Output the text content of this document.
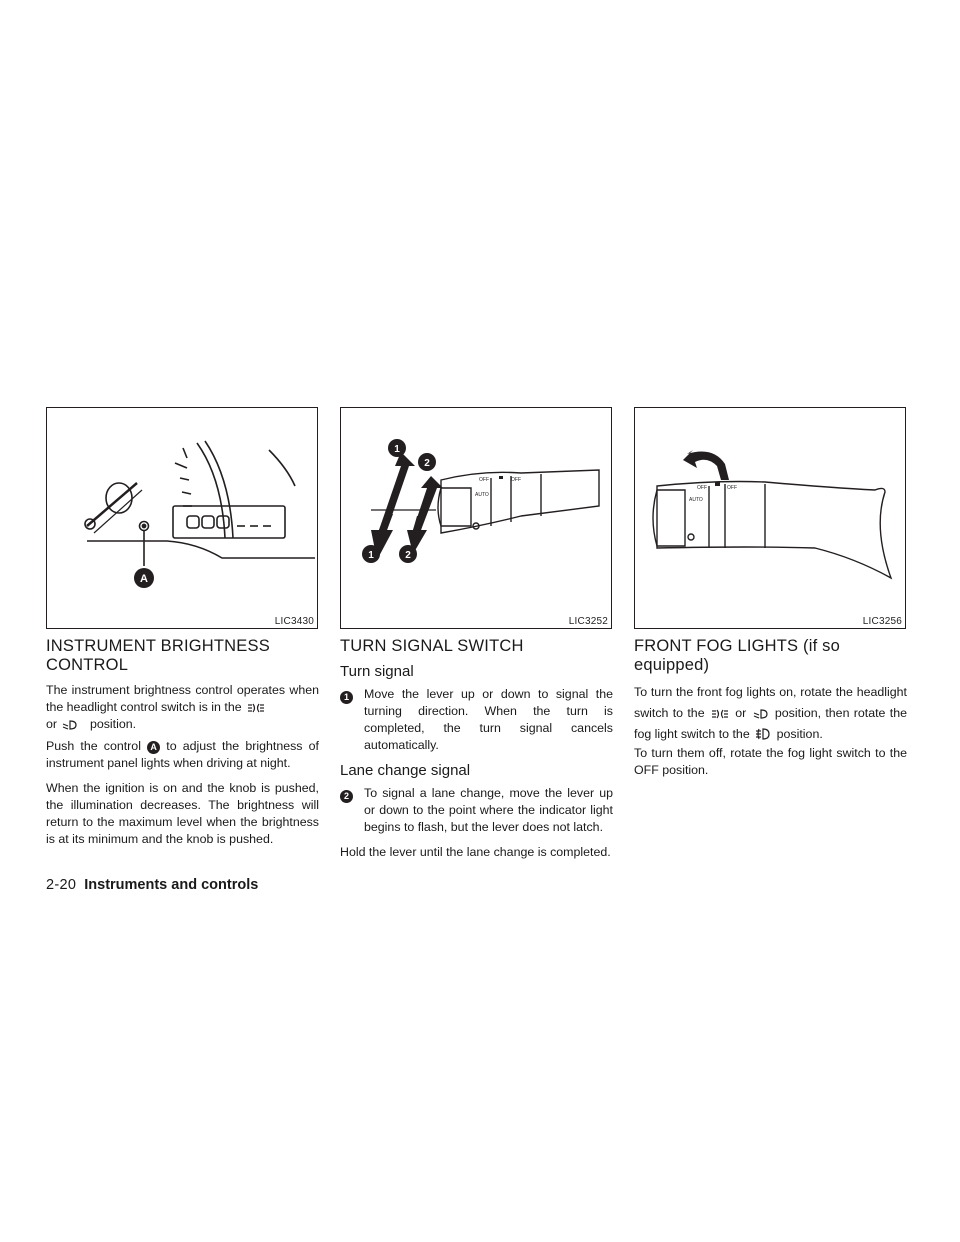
A
LIC3430
OFF	OFF
AUTO
1
2
1	2
LIC3252
OFF	OFF
AUTO
LIC3256
INSTRUMENT BRIGHTNESS
CONTROL

The instrument brightness control operates when the headlight control switch is in the
or	position.

Push the control A to adjust the brightness of instrument panel lights when driving at night.

When the ignition is on and the knob is pushed, the illumination decreases. The brightness will return to the maximum level when the brightness is at its minimum and the knob is pushed.

TURN SIGNAL SWITCH
Turn signal
1	Move the lever up or down to signal the turning direction. When the turn is completed, the turn signal cancels automatically.
Lane change signal
2	To signal a lane change, move the lever up or down to the point where the indicator light begins to flash, but the lever does not latch.

Hold the lever until the lane change is completed.

FRONT FOG LIGHTS (if so equipped)

To turn the front fog lights on, rotate the headlight switch to the or position, then rotate the fog light switch to the position.

To turn them off, rotate the fog light switch to the OFF position.

2-20 Instruments and controls
